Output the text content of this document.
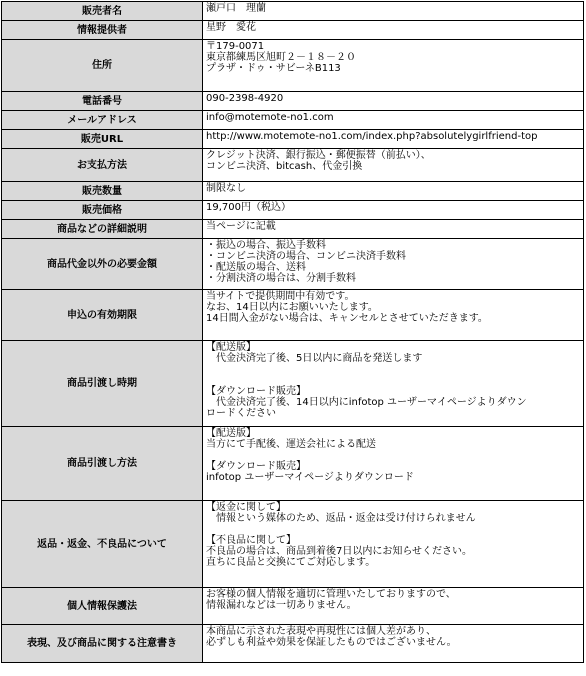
販売者名	瀬戸口　理蘭

情報提供者	星野　愛花

住所	〒179-0071
東京都練馬区旭町２－１８－２０
プラザ・ドゥ・サビーネB113

電話番号	090-2398-4920

メールアドレス	info@motemote-no1.com

販売URL	http://www.motemote-no1.com/index.php?absolutelygirlfriend-top

お支払方法	クレジット決済、銀行振込・郵便振替（前払い）、
コンビニ決済、bitcash、代金引換

販売数量	制限なし

販売価格	19,700円（税込）

商品などの詳細説明	当ページに記載

商品代金以外の必要金額	・振込の場合、振込手数料
・コンビニ決済の場合、コンビニ決済手数料
・配送版の場合、送料
・分割決済の場合は、分割手数料

申込の有効期限	当サイトで提供期間中有効です。
なお、14日以内にお願いいたします。
14日間入金がない場合は、キャンセルとさせていただきます。

商品引渡し時期	【配送版】
　代金決済完了後、5日以内に商品を発送します
【ダウンロード販売】
　代金決済完了後、14日以内にinfotop ユーザーマイページよりダウン
ロードください

商品引渡し方法	【配送版】
当方にて手配後、運送会社による配送
【ダウンロード販売】
infotop ユーザーマイページよりダウンロード

返品・返金、不良品について	【返金に関して】
　情報という媒体のため、返品・返金は受け付けられません
【不良品に関して】
不良品の場合は、商品到着後7日以内にお知らせください。
直ちに良品と交換にてご対応します。

個人情報保護法	お客様の個人情報を適切に管理いたしておりますので、
情報漏れなどは一切ありません。

表現、及び商品に関する注意書き	本商品に示された表現や再現性には個人差があり、
必ずしも利益や効果を保証したものではございません。
